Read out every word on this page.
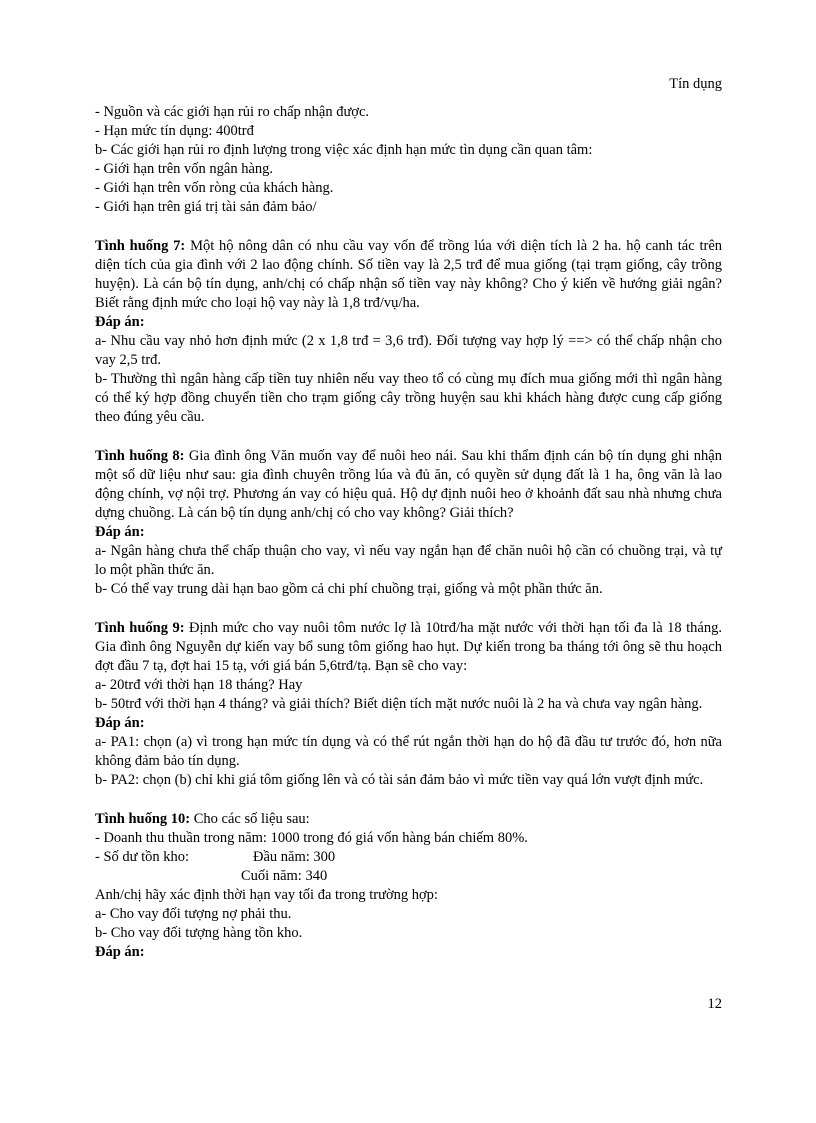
Tín dụng
- Nguồn và các giới hạn rủi ro chấp nhận được.
- Hạn mức tín dụng: 400trđ
b- Các giới hạn rủi ro định lượng trong việc xác định hạn mức tìn dụng cần quan tâm:
- Giới hạn trên vốn ngân hàng.
- Giới hạn trên vốn ròng của khách hàng.
- Giới hạn trên giá trị tài sản đảm bảo/
Tình huống 7: Một hộ nông dân có nhu cầu vay vốn để trồng lúa với diện tích là 2 ha. hộ canh tác trên diện tích của gia đình với 2 lao động chính. Số tiền vay là 2,5 trđ để mua giống (tại trạm giống, cây trồng huyện). Là cán bộ tín dụng, anh/chị có chấp nhận số tiền vay này không? Cho ý kiến về hướng giải ngân? Biết rằng định mức cho loại hộ vay này là 1,8 trđ/vụ/ha.
Đáp án:
a- Nhu cầu vay nhỏ hơn định mức (2 x 1,8 trđ = 3,6 trđ). Đối tượng vay hợp lý ==> có thể chấp nhận cho vay 2,5 trđ.
b- Thường thì ngân hàng cấp tiền tuy nhiên nếu vay theo tổ có cùng mụ đích mua giống mới thì ngân hàng có thể ký hợp đồng chuyển tiền cho trạm giống cây trồng huyện sau khi khách hàng được cung cấp giống theo đúng yêu cầu.
Tình huống 8: Gia đình ông Văn muốn vay để nuôi heo nái. Sau khi thẩm định cán bộ tín dụng ghi nhận một số dữ liệu như sau: gia đình chuyên trồng lúa và đủ ăn, có quyền sử dụng đất là 1 ha, ông văn là lao động chính, vợ nội trợ. Phương án vay có hiệu quả. Hộ dự định nuôi heo ở khoảnh đất sau nhà nhưng chưa dựng chuồng. Là cán bộ tín dụng anh/chị có cho vay không? Giải thích?
Đáp án:
a- Ngân hàng chưa thể chấp thuận cho vay, vì nếu vay ngắn hạn để chăn nuôi hộ cần có chuồng trại, và tự lo một phần thức ăn.
b- Có thể vay trung dài hạn bao gồm cả chi phí chuồng trại, giống và một phần thức ăn.
Tình huống 9: Định mức cho vay nuôi tôm nước lợ là 10trđ/ha mặt nước với thời hạn tối đa là 18 tháng. Gia đình ông Nguyễn dự kiến vay bổ sung tôm giống hao hụt. Dự kiến trong ba tháng tới ông sẽ thu hoạch đợt đầu 7 tạ, đợt hai 15 tạ, với giá bán 5,6trđ/tạ. Bạn sẽ cho vay:
a- 20trđ với thời hạn 18 tháng? Hay
b- 50trđ với thời hạn 4 tháng? và giải thích? Biết diện tích mặt nước nuôi là 2 ha và chưa vay ngân hàng.
Đáp án:
a- PA1: chọn (a) vì trong hạn mức tín dụng và có thể rút ngắn thời hạn do hộ đã đầu tư trước đó, hơn nữa không đảm bảo tín dụng.
b- PA2: chọn (b) chỉ khi giá tôm giống lên và có tài sản đảm bảo vì mức tiền vay quá lớn vượt định mức.
Tình huống 10: Cho các số liệu sau:
- Doanh thu thuần trong năm: 1000 trong đó giá vốn hàng bán chiếm 80%.
- Số dư tồn kho:	Đầu năm: 300
Cuối năm: 340
Anh/chị hãy xác định thời hạn vay tối đa trong trường hợp:
a- Cho vay đối tượng nợ phải thu.
b- Cho vay đối tượng hàng tồn kho.
Đáp án:
12
